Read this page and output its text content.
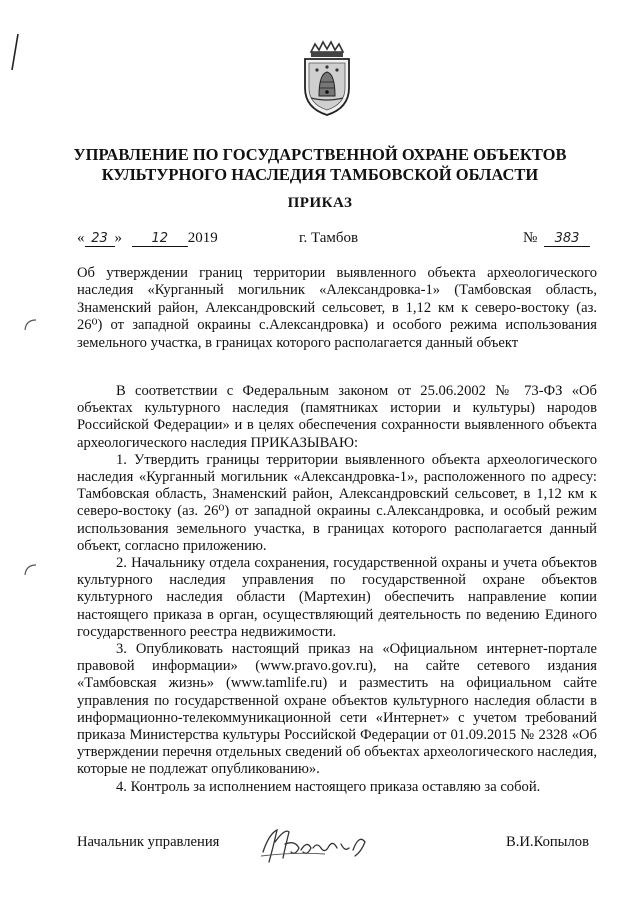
УПРАВЛЕНИЕ ПО ГОСУДАРСТВЕННОЙ ОХРАНЕ ОБЪЕКТОВ
КУЛЬТУРНОГО НАСЛЕДИЯ ТАМБОВСКОЙ ОБЛАСТИ
ПРИКАЗ
« 23 » 12 2019	г. Тамбов	№ 383

Об утверждении границ территории выявленного объекта археологического наследия «Курганный могильник «Александровка-1» (Тамбовская область, Знаменский район, Александровский сельсовет, в 1,12 км к северо-востоку (аз. 26⁰) от западной окраины с.Александровка) и особого режима использования земельного участка, в границах которого располагается данный объект

В соответствии с Федеральным законом от 25.06.2002 № 73-ФЗ «Об объектах культурного наследия (памятниках истории и культуры) народов Российской Федерации» и в целях обеспечения сохранности выявленного объекта археологического наследия ПРИКАЗЫВАЮ:

1. Утвердить границы территории выявленного объекта археологического наследия «Курганный могильник «Александровка-1», расположенного по адресу: Тамбовская область, Знаменский район, Александровский сельсовет, в 1,12 км к северо-востоку (аз. 26⁰) от западной окраины с.Александровка, и особый режим использования земельного участка, в границах которого располагается данный объект, согласно приложению.

2. Начальнику отдела сохранения, государственной охраны и учета объектов культурного наследия управления по государственной охране объектов культурного наследия области (Мартехин) обеспечить направление копии настоящего приказа в орган, осуществляющий деятельность по ведению Единого государственного реестра недвижимости.

3. Опубликовать настоящий приказ на «Официальном интернет-портале правовой информации» (www.pravo.gov.ru), на сайте сетевого издания «Тамбовская жизнь» (www.tamlife.ru) и разместить на официальном сайте управления по государственной охране объектов культурного наследия области в информационно-телекоммуникационной сети «Интернет» с учетом требований приказа Министерства культуры Российской Федерации от 01.09.2015 № 2328 «Об утверждении перечня отдельных сведений об объектах археологического наследия, которые не подлежат опубликованию».

4. Контроль за исполнением настоящего приказа оставляю за собой.

Начальник управления	В.И.Копылов
